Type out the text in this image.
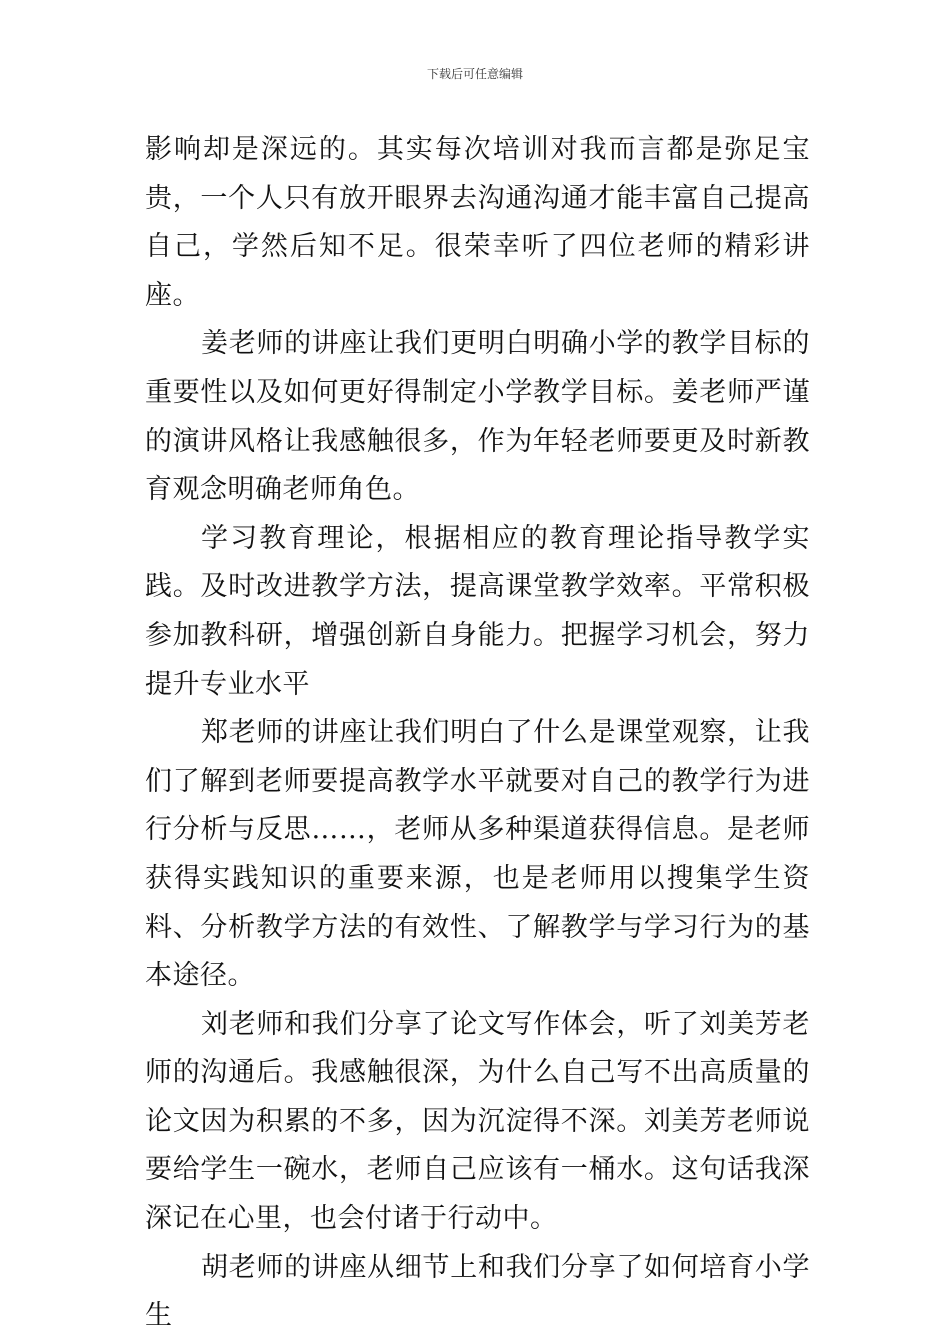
下载后可任意编辑

影响却是深远的。其实每次培训对我而言都是弥足宝贵，一个人只有放开眼界去沟通沟通才能丰富自己提高自己，学然后知不足。很荣幸听了四位老师的精彩讲座。

姜老师的讲座让我们更明白明确小学的教学目标的重要性以及如何更好得制定小学教学目标。姜老师严谨的演讲风格让我感触很多，作为年轻老师要更及时新教育观念明确老师角色。

学习教育理论，根据相应的教育理论指导教学实践。及时改进教学方法，提高课堂教学效率。平常积极参加教科研，增强创新自身能力。把握学习机会，努力提升专业水平

郑老师的讲座让我们明白了什么是课堂观察，让我们了解到老师要提高教学水平就要对自己的教学行为进行分析与反思……，老师从多种渠道获得信息。是老师获得实践知识的重要来源，也是老师用以搜集学生资料、分析教学方法的有效性、了解教学与学习行为的基本途径。

刘老师和我们分享了论文写作体会，听了刘美芳老师的沟通后。我感触很深，为什么自己写不出高质量的论文因为积累的不多，因为沉淀得不深。刘美芳老师说要给学生一碗水，老师自己应该有一桶水。这句话我深深记在心里，也会付诸于行动中。

胡老师的讲座从细节上和我们分享了如何培育小学生
